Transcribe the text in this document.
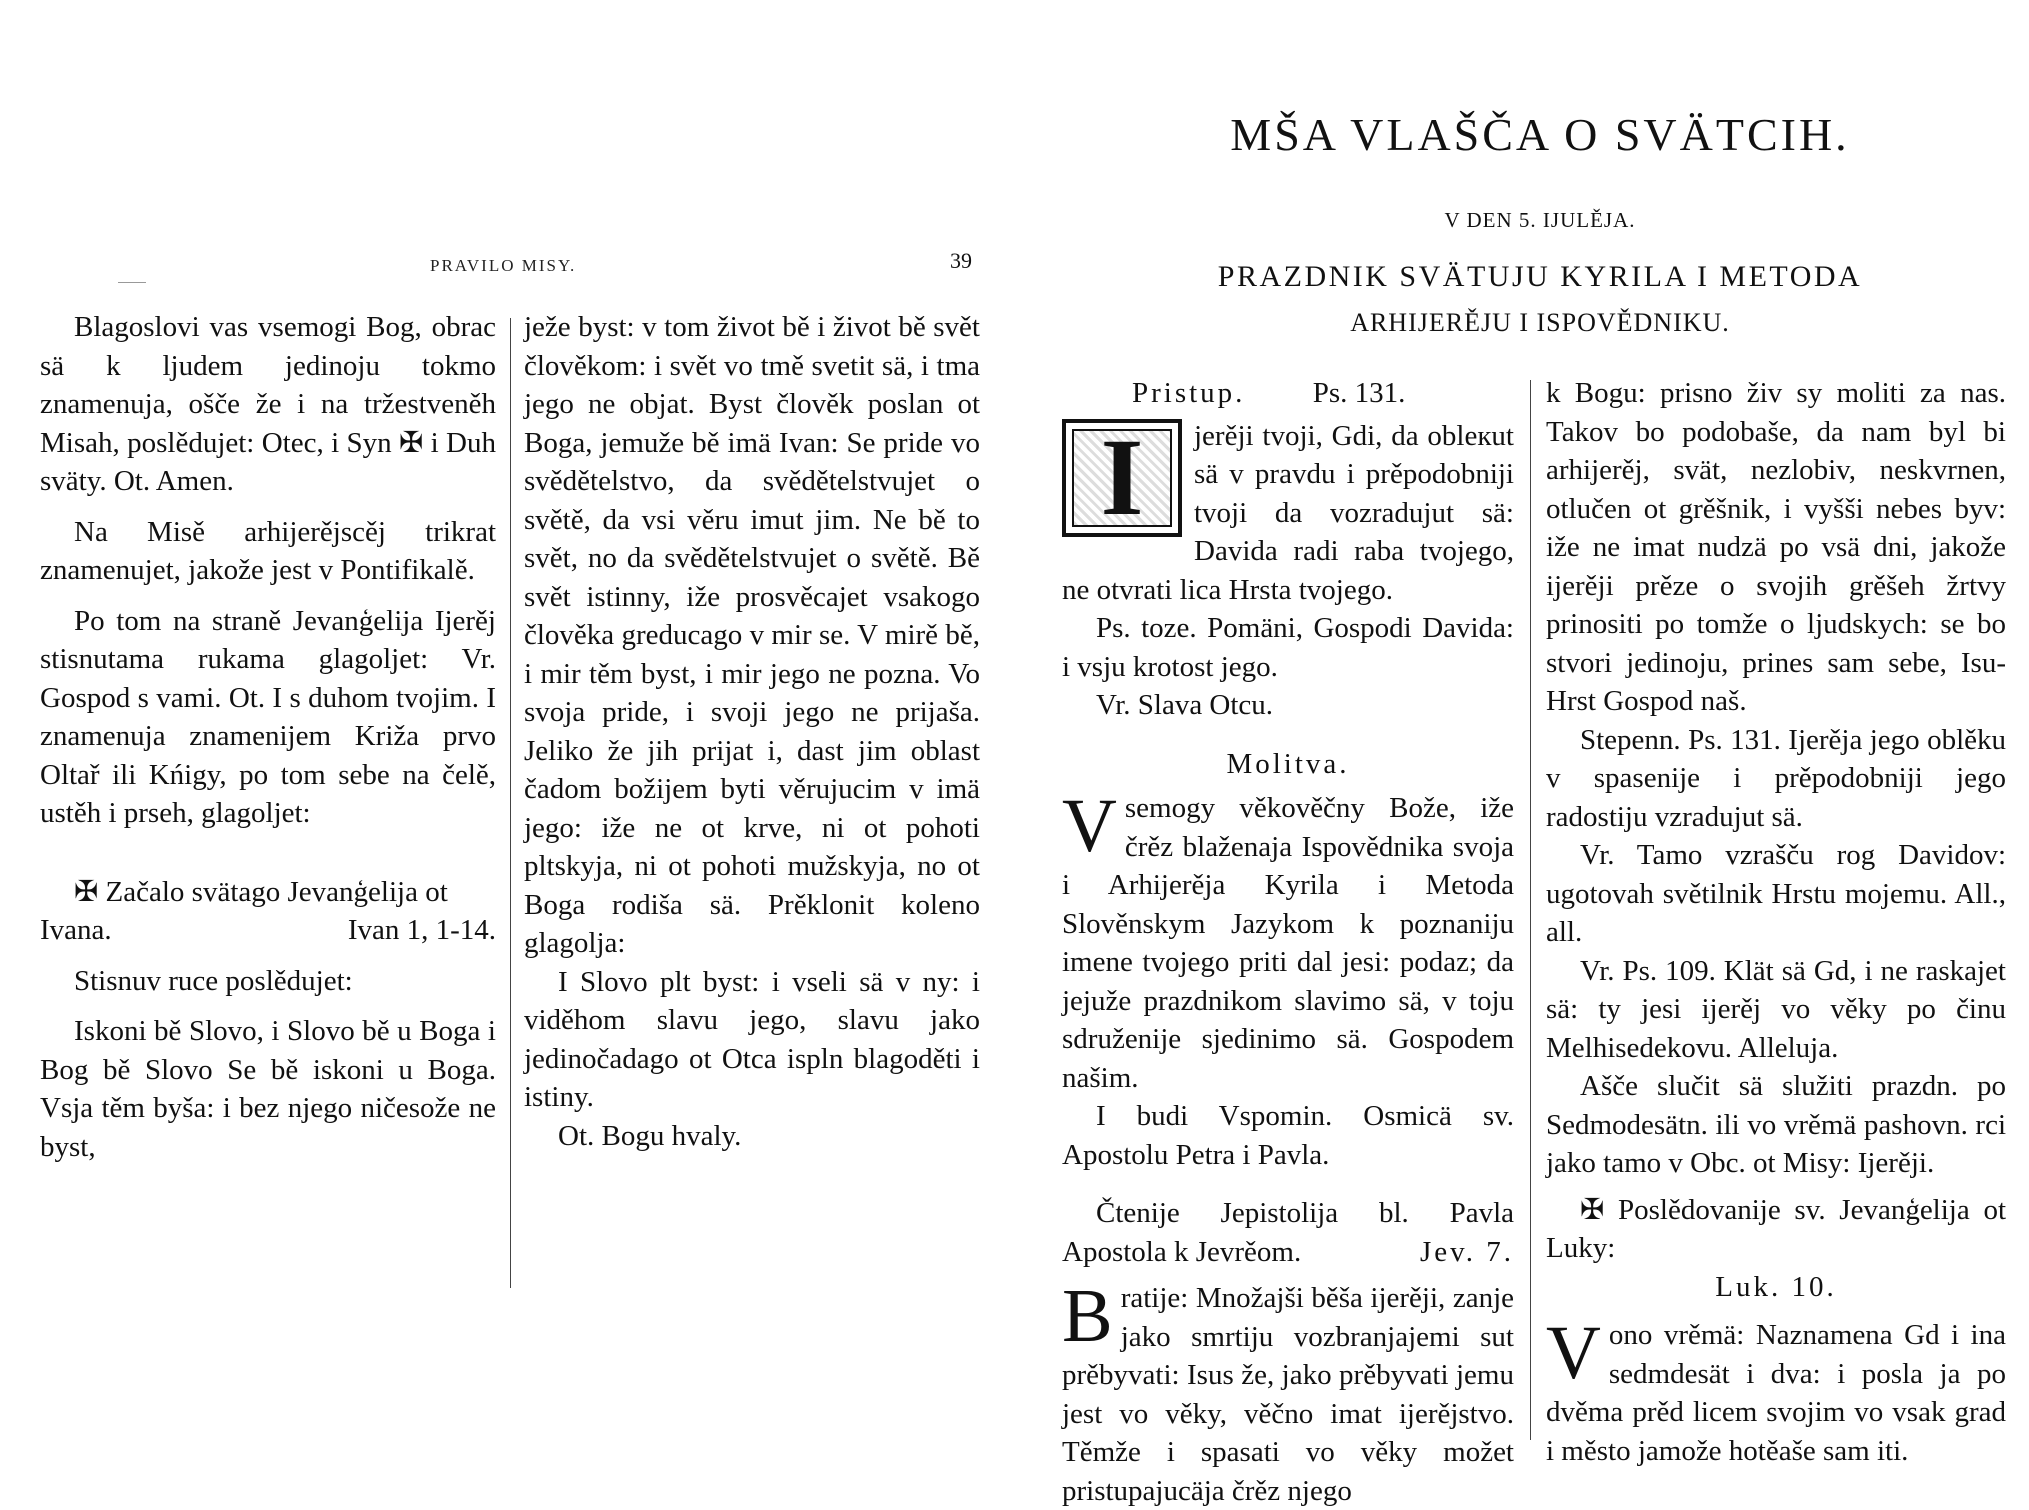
PRAVILO MISY.	39

Blagoslovi vas vsemogi Bog, obrac sä k ljudem jedinoju tokmo znamenuja, ošče že i na tržestveněh Misah, poslědujet: Otec, i Syn ✠ i Duh sväty. Ot. Amen.

Na Misě arhijerějscěj trikrat znamenujet, jakože jest v Pontifikalě.

Po tom na straně Jevanģelija Ijerěj stisnutama rukama glagoljet: Vr. Gospod s vami. Ot. I s duhom tvojim. I znamenuja znamenijem Križa prvo Oltař ili Kńigy, po tom sebe na čelě, ustěh i prseh, glagoljet:

✠ Začalo svätago Jevanģelija ot Ivana.	Ivan 1, 1-14.

Stisnuv ruce poslědujet:

Iskoni bě Slovo, i Slovo bě u Boga i Bog bě Slovo Se bě iskoni u Boga. Vsja těm byša: i bez njego ničesože ne byst,

ježe byst: v tom život bě i život bě svět člověkom: i svět vo tmě svetit sä, i tma jego ne objat. Byst člověk poslan ot Boga, jemuže bě imä Ivan: Se pride vo svědětelstvo, da svědětelstvujet o světě, da vsi věru imut jim. Ne bě to svět, no da svědětelstvujet o světě. Bě svět istinny, iže prosvěcajet vsakogo člověka greducago v mir se. V mirě bě, i mir těm byst, i mir jego ne pozna. Vo svoja pride, i svoji jego ne prijaša. Jeliko že jih prijat i, dast jim oblast čadom božijem byti věrujucim v imä jego: iže ne ot krve, ni ot pohoti pltskyja, ni ot pohoti mužskyja, no ot Boga rodiša sä. Prěklonit koleno glagolja:

I Slovo plt byst: i vseli sä v ny: i viděhom slavu jego, slavu jako jedinočadago ot Otca ispln blagoděti i istiny.

Ot. Bogu hvaly.

MŠA VLAŠČA O SVÄTCIH.
V DEN 5. IJULĚJA.
PRAZDNIK SVÄTUJU KYRILA I METODA
ARHIJERĚJU I ISPOVĚDNIKU.

Pristup. Ps. 131.

I	jerěji tvoji, Gdi, da obleкut sä v pravdu i prěpodobniji tvoji da vozradujut sä: Davida radi raba tvojego, ne otvrati lica Hrsta tvojego.

Ps. toze. Pomäni, Gospodi Davida: i vsju krotost jego.

Vr. Slava Otcu.

Molitva.

V semogy věkověčny Bože, iže črěz blaženaja Ispovědnika svoja i Arhijerěja Kyrila i Metoda Slověnskym Jazykom k poznaniju imene tvojego priti dal jesi: podaz; da jejuže prazdnikom slavimo sä, v toju sdruženije sjedinimo sä. Gospodem našim.

I budi Vspomin. Osmicä sv. Apostolu Petra i Pavla.

Čtenije Jepistolija bl. Pavla Apostola k Jevrěom.	Jev. 7.

B ratije: Množajši běša ijerěji, zanje jako smrtiju vozbranjajemi sut prěbyvati: Isus že, jako prěbyvati jemu jest vo věky, věčno imat ijerějstvo. Těmže i spasati vo věky možet pristupajucäja črěz njego

k Bogu: prisno živ sy moliti za nas. Takov bo podobaše, da nam byl bi arhijerěj, svät, nezlobiv, neskvrnen, otlučen ot grěšnik, i vyšši nebes byv: iže ne imat nudzä po vsä dni, jakože ijerěji prěze o svojih grěšeh žrtvy prinositi po tomže o ljudskych: se bo stvori jedinoju, prines sam sebe, Isu-Hrst Gospod naš.

Stepenn. Ps. 131. Ijerěja jego oblěku v spasenije i prěpodobniji jego radostiju vzradujut sä.

Vr. Tamo vzrašču rog Davidov: ugotovah světilnik Hrstu mojemu. All., all.

Vr. Ps. 109. Klät sä Gd, i ne raskajet sä: ty jesi ijerěj vo věky po činu Melhisedekovu. Alleluja.

Ašče slučit sä služiti prazdn. po Sedmodesätn. ili vo vrěmä pashovn. rci jako tamo v Obc. ot Misy: Ijerěji.

✠ Poslědovanije sv. Jevanģelija ot Luky:

Luk. 10.

V ono vrěmä: Naznamena Gd i ina sedmdesät i dva: i posla ja po dvěma prěd licem svojim vo vsak grad i město jamože hotěaše sam iti.
